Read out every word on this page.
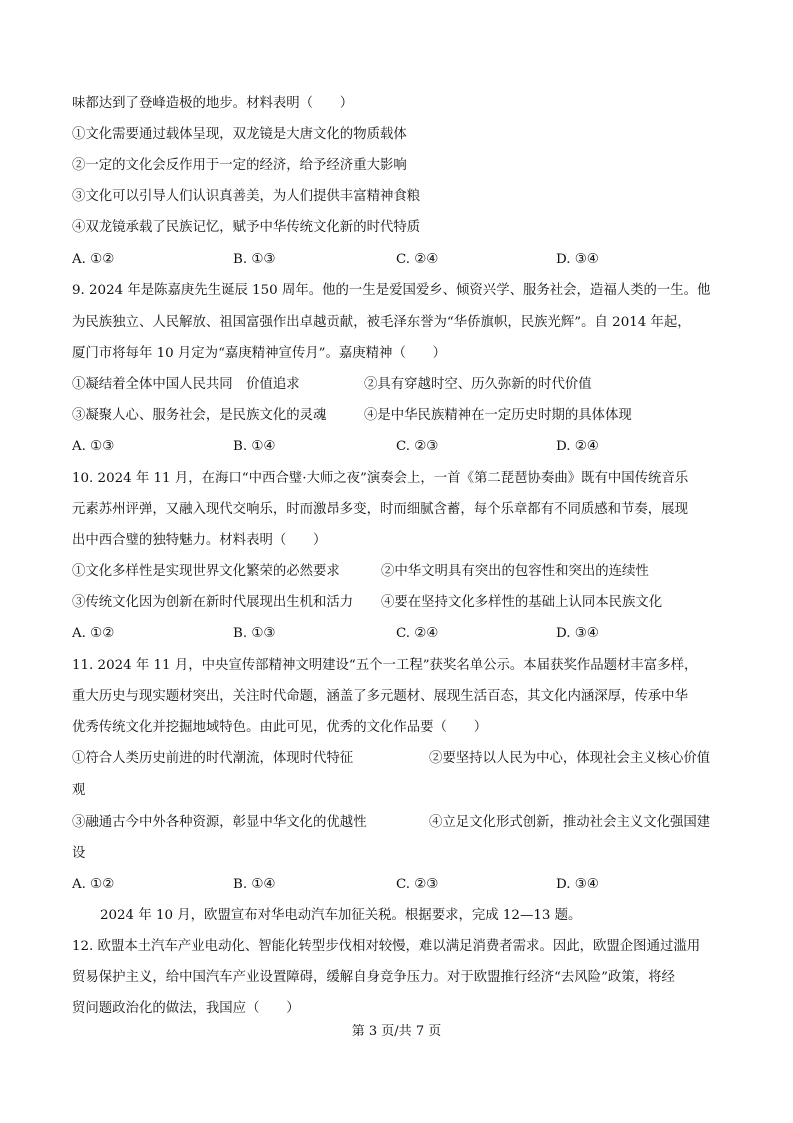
味都达到了登峰造极的地步。材料表明（　　）
①文化需要通过载体呈现，双龙镜是大唐文化的物质载体
②一定的文化会反作用于一定的经济，给予经济重大影响
③文化可以引导人们认识真善美，为人们提供丰富精神食粮
④双龙镜承载了民族记忆，赋予中华传统文化新的时代特质
A. ①②	B. ①③	C. ②④	D. ③④
9. 2024 年是陈嘉庚先生诞辰 150 周年。他的一生是爱国爱乡、倾资兴学、服务社会，造福人类的一生。他
为民族独立、人民解放、祖国富强作出卓越贡献，被毛泽东誉为“华侨旗帜，民族光辉”。自 2014 年起，
厦门市将每年 10 月定为“嘉庚精神宣传月”。嘉庚精神（　　）
①凝结着全体中国人民共同　价值追求	②具有穿越时空、历久弥新的时代价值
③凝聚人心、服务社会，是民族文化的灵魂	④是中华民族精神在一定历史时期的具体体现
A. ①③	B. ①④	C. ②③	D. ②④
10. 2024 年 11 月，在海口“中西合璧·大师之夜”演奏会上，一首《第二琵琶协奏曲》既有中国传统音乐
元素苏州评弹，又融入现代交响乐，时而激昂多变，时而细腻含蓄，每个乐章都有不同质感和节奏，展现
出中西合璧的独特魅力。材料表明（　　）
①文化多样性是实现世界文化繁荣的必然要求	②中华文明具有突出的包容性和突出的连续性
③传统文化因为创新在新时代展现出生机和活力 ④要在坚持文化多样性的基础上认同本民族文化
A. ①②	B. ①③	C. ②④	D. ③④
11. 2024 年 11 月，中央宣传部精神文明建设“五个一工程”获奖名单公示。本届获奖作品题材丰富多样，
重大历史与现实题材突出，关注时代命题，涵盖了多元题材、展现生活百态，其文化内涵深厚，传承中华
优秀传统文化并挖掘地域特色。由此可见，优秀的文化作品要（　　）
①符合人类历史前进的时代潮流，体现时代特征	②要坚持以人民为中心，体现社会主义核心价值
观
③融通古今中外各种资源，彰显中华文化的优越性	④立足文化形式创新，推动社会主义文化强国建
设
A. ①②	B. ①④	C. ②③	D. ③④
2024 年 10 月，欧盟宣布对华电动汽车加征关税。根据要求，完成 12—13 题。
12. 欧盟本土汽车产业电动化、智能化转型步伐相对较慢，难以满足消费者需求。因此，欧盟企图通过滥用
贸易保护主义，给中国汽车产业设置障碍，缓解自身竞争压力。对于欧盟推行经济“去风险”政策，将经
贸问题政治化的做法，我国应（　　）
第 3 页/共 7 页
